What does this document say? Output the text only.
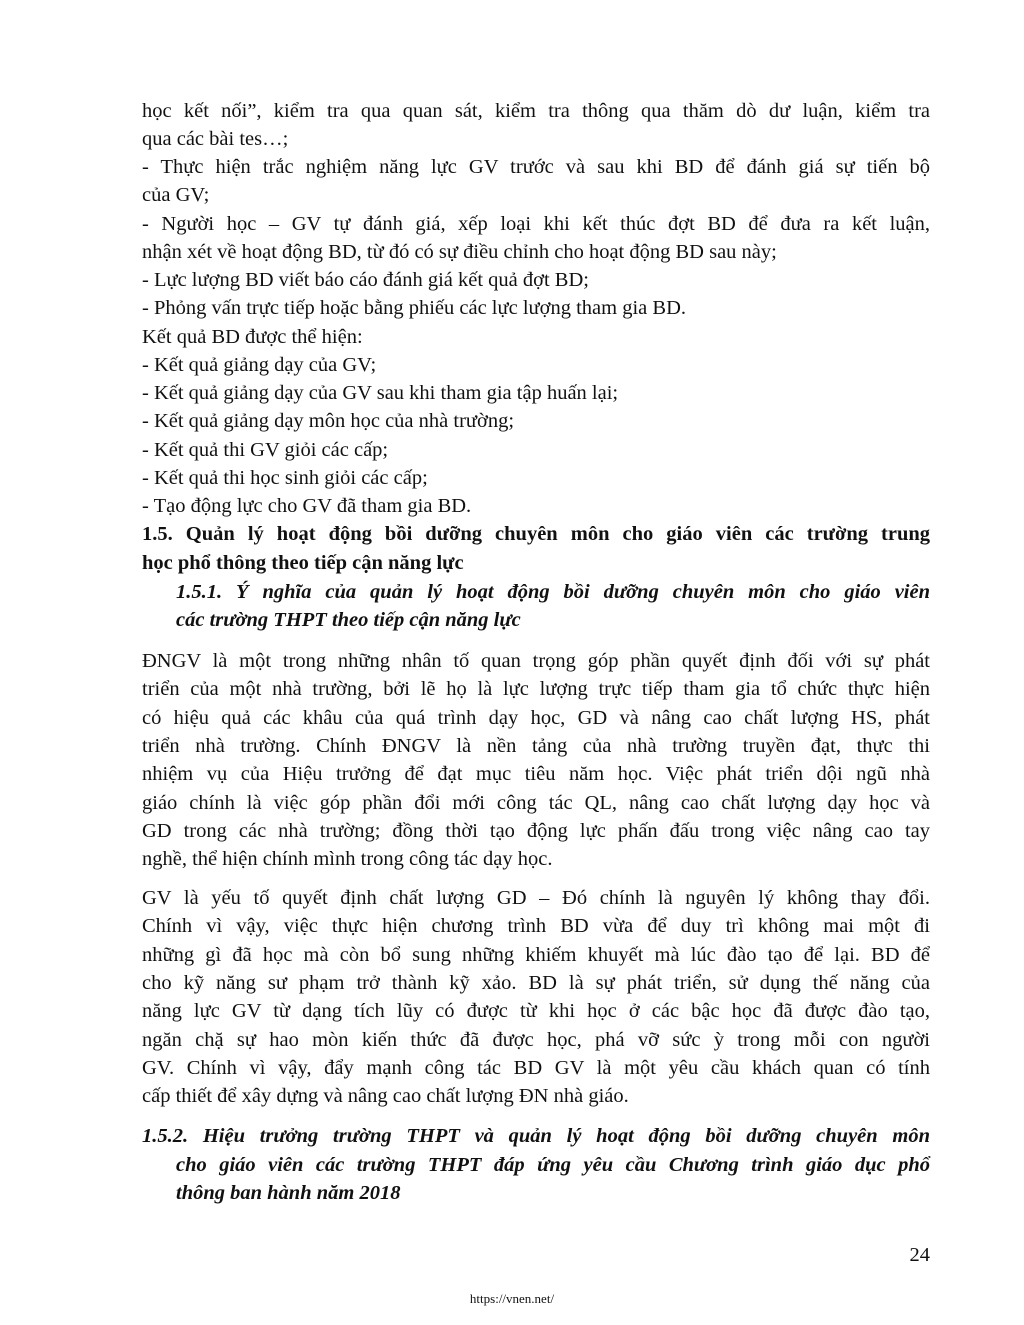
học kết nối”, kiểm tra qua quan sát, kiểm tra thông qua thăm dò dư luận, kiểm tra
qua các bài tes…;
- Thực hiện trắc nghiệm năng lực GV trước và sau khi BD để đánh giá sự tiến bộ
của GV;
- Người học – GV tự đánh giá, xếp loại khi kết thúc đợt BD để đưa ra kết luận,
nhận xét về hoạt động BD, từ đó có sự điều chỉnh cho hoạt động BD sau này;
- Lực lượng BD viết báo cáo đánh giá kết quả đợt BD;
- Phỏng vấn trực tiếp hoặc bằng phiếu các lực lượng tham gia BD.
Kết quả BD được thể hiện:
- Kết quả giảng dạy của GV;
- Kết quả giảng dạy của GV sau khi tham gia tập huấn lại;
- Kết quả giảng dạy môn học của nhà trường;
- Kết quả thi GV giỏi các cấp;
- Kết quả thi học sinh giỏi các cấp;
- Tạo động lực cho GV đã tham gia BD.
1.5. Quản lý hoạt động bồi dưỡng chuyên môn cho giáo viên các trường trung
học phổ thông theo tiếp cận năng lực
1.5.1. Ý nghĩa của quản lý hoạt động bồi dưỡng chuyên môn cho giáo viên
các trường THPT theo tiếp cận năng lực
ĐNGV là một trong những nhân tố quan trọng góp phần quyết định đối với sự phát
triển của một nhà trường, bởi lẽ họ là lực lượng trực tiếp tham gia tổ chức thực hiện
có hiệu quả các khâu của quá trình dạy học, GD và nâng cao chất lượng HS, phát
triển nhà trường. Chính ĐNGV là nền tảng của nhà trường truyền đạt, thực thi
nhiệm vụ của Hiệu trưởng để đạt mục tiêu năm học. Việc phát triển dội ngũ nhà
giáo chính là việc góp phần đổi mới công tác QL, nâng cao chất lượng dạy học và
GD trong các nhà trường; đồng thời tạo động lực phấn đấu trong việc nâng cao tay
nghề, thể hiện chính mình trong công tác dạy học.
GV là yếu tố quyết định chất lượng GD – Đó chính là nguyên lý không thay đổi.
Chính vì vậy, việc thực hiện chương trình BD vừa để duy trì không mai một đi
những gì đã học mà còn bổ sung những khiếm khuyết mà lúc đào tạo để lại. BD để
cho kỹ năng sư phạm trở thành kỹ xảo. BD là sự phát triển, sử dụng thế năng của
năng lực GV từ dạng tích lũy có được từ khi học ở các bậc học đã được đào tạo,
ngăn chặ sự hao mòn kiến thức đã được học, phá vỡ sức ỳ trong mỗi con người
GV. Chính vì vậy, đẩy mạnh công tác BD GV là một yêu cầu khách quan có tính
cấp thiết để xây dựng và nâng cao chất lượng ĐN nhà giáo.
1.5.2. Hiệu trưởng trường THPT và quản lý hoạt động bồi dưỡng chuyên môn
cho giáo viên các trường THPT đáp ứng yêu cầu Chương trình giáo dục phổ
thông ban hành năm 2018
24
https://vnen.net/
